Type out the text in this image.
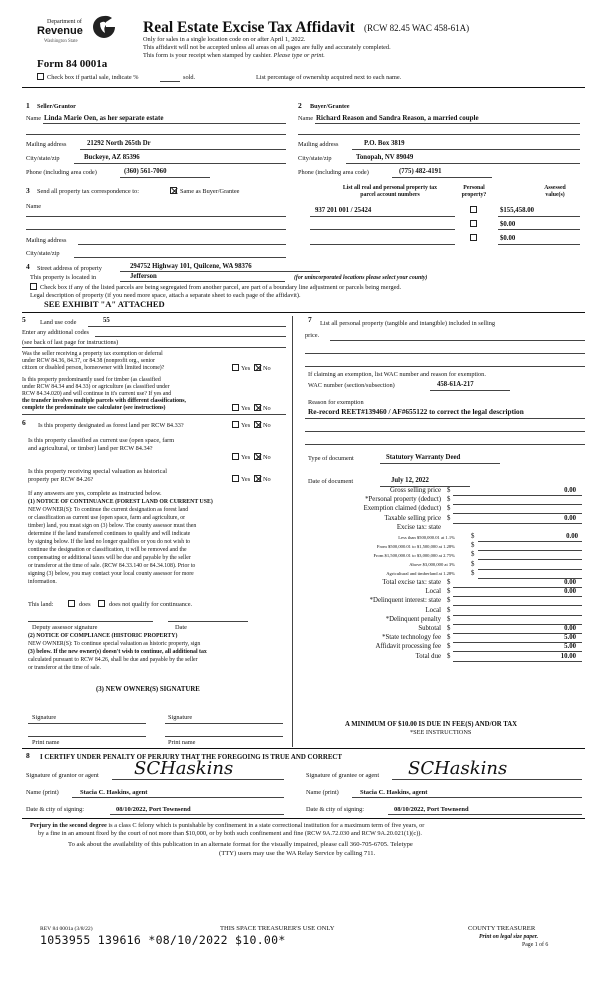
Department of
Revenue
Washington State
Form 84 0001a
Real Estate Excise Tax Affidavit (RCW 82.45 WAC 458-61A)
Only for sales in a single location code on or after April 1, 2022.
This affidavit will not be accepted unless all areas on all pages are fully and accurately completed.
This form is your receipt when stamped by cashier. Please type or print.
Check box if partial sale, indicate %	sold.	List percentage of ownership acquired next to each name.
1 Seller/Grantor
Name Linda Marie Oen, as her separate estate
Mailing address	21292 North 265th Dr
City/state/zip	Buckeye, AZ 85396
Phone (including area code)	(360) 561-7060
2 Buyer/Grantee
Name Richard Reason and Sandra Reason, a married couple
Mailing address	P.O. Box 3819
City/state/zip	Tonopah, NV 89049
Phone (including area code)	(775) 482-4191
3 Send all property tax correspondence to:	Same as Buyer/Grantee
Name
Mailing address
City/state/zip
List all real and personal property tax
parcel account numbers
Personal
property?
Assessed
value(s)
937 201 001 / 25424	$155,458.00
$0.00
$0.00
4 Street address of property	294752 Highway 101, Quilcene, WA 98376
This property is located in	Jefferson	(for unincorporated locations please select your county)
Check box if any of the listed parcels are being segregated from another parcel, are part of a boundary line adjustment or parcels being merged.
Legal description of property (if you need more space, attach a separate sheet to each page of the affidavit).
SEE EXHIBIT "A" ATTACHED
5 Land use code	55
Enter any additional codes
(see back of last page for instructions)
Was the seller receiving a property tax exemption or deferral
under RCW 84.36, 84.37, or 84.38 (nonprofit org., senior
citizen or disabled person, homeowner with limited income)?	Yes No
Is this property predominantly used for timber (as classified
under RCW 84.34 and 84.33) or agriculture (as classified under
RCW 84.34.020) and will continue in it's current use? If yes and
the transfer involves multiple parcels with different classifications,
complete the predominate use calculator (see instructions)	Yes No
6 Is this property designated as forest land per RCW 84.33?	Yes No
Is this property classified as current use (open space, farm
and agricultural, or timber) land per RCW 84.34?
Yes No
Is this property receiving special valuation as historical
property per RCW 84.26?	Yes No
If any answers are yes, complete as instructed below.
(1) NOTICE OF CONTINUANCE (FOREST LAND OR CURRENT USE)
NEW OWNER(S): To continue the current designation as forest land
or classification as current use (open space, farm and agriculture, or
timber) land, you must sign on (3) below. The county assessor must then
determine if the land transferred continues to qualify and will indicate
by signing below. If the land no longer qualifies or you do not wish to
continue the designation or classification, it will be removed and the
compensating or additional taxes will be due and payable by the seller
or transferor at the time of sale. (RCW 84.33.140 or 84.34.108). Prior to
signing (3) below, you may contact your local county assessor for more
information.
This land:	does	does not qualify for continuance.
Deputy assessor signature	Date
(2) NOTICE OF COMPLIANCE (HISTORIC PROPERTY)
NEW OWNER(S): To continue special valuation as historic property, sign
(3) below. If the new owner(s) doesn't wish to continue, all additional tax
calculated pursuant to RCW 84.26, shall be due and payable by the seller
or transferor at the time of sale.
(3) NEW OWNER(S) SIGNATURE
Signature	Signature
Print name	Print name
7 List all personal property (tangible and intangible) included in selling
price.
If claiming an exemption, list WAC number and reason for exemption.
WAC number (section/subsection)	458-61A-217
Reason for exemption
Re-record REET#139460 / AF#655122 to correct the legal description
Type of document	Statutory Warranty Deed
Date of document	July 12, 2022
Gross selling price $	0.00
*Personal property (deduct) $
Exemption claimed (deduct) $
Taxable selling price $	0.00
Excise tax: state
Less than $500,000.01 at 1.1% $	0.00
From $500,000.01 to $1,500,000 at 1.28% $
From $1,500,000.01 to $3,000,000 at 2.75% $
Above $3,000,000 at 3% $
Agricultural and timberland at 1.28% $
Total excise tax: state $	0.00
Local $	0.00
*Delinquent interest: state $
Local $
*Delinquent penalty $
Subtotal $	0.00
*State technology fee $	5.00
Affidavit processing fee $	5.00
Total due $	10.00
A MINIMUM OF $10.00 IS DUE IN FEE(S) AND/OR TAX
*SEE INSTRUCTIONS
8 I CERTIFY UNDER PENALTY OF PERJURY THAT THE FOREGOING IS TRUE AND CORRECT
Signature of grantor or agent SCHaskins	Signature of grantee or agent SCHaskins
Name (print)	Stacia C. Haskins, agent	Name (print)	Stacia C. Haskins, agent
Date & city of signing:	08/10/2022, Port Townsend	Date & city of signing:	08/10/2022, Port Townsend
Perjury in the second degree is a class C felony which is punishable by confinement in a state correctional institution for a maximum term of five years, or
by a fine in an amount fixed by the court of not more than $10,000, or by both such confinement and fine (RCW 9A.72.030 and RCW 9A.20.021(1)(c)).
To ask about the availability of this publication in an alternate format for the visually impaired, please call 360-705-6705. Teletype
(TTY) users may use the WA Relay Service by calling 711.
REV 84 0001a (3/8/22)	THIS SPACE TREASURER'S USE ONLY	COUNTY TREASURER
Print on legal size paper.
Page 1 of 6
1053955 139616 *08/10/2022 $10.00*
